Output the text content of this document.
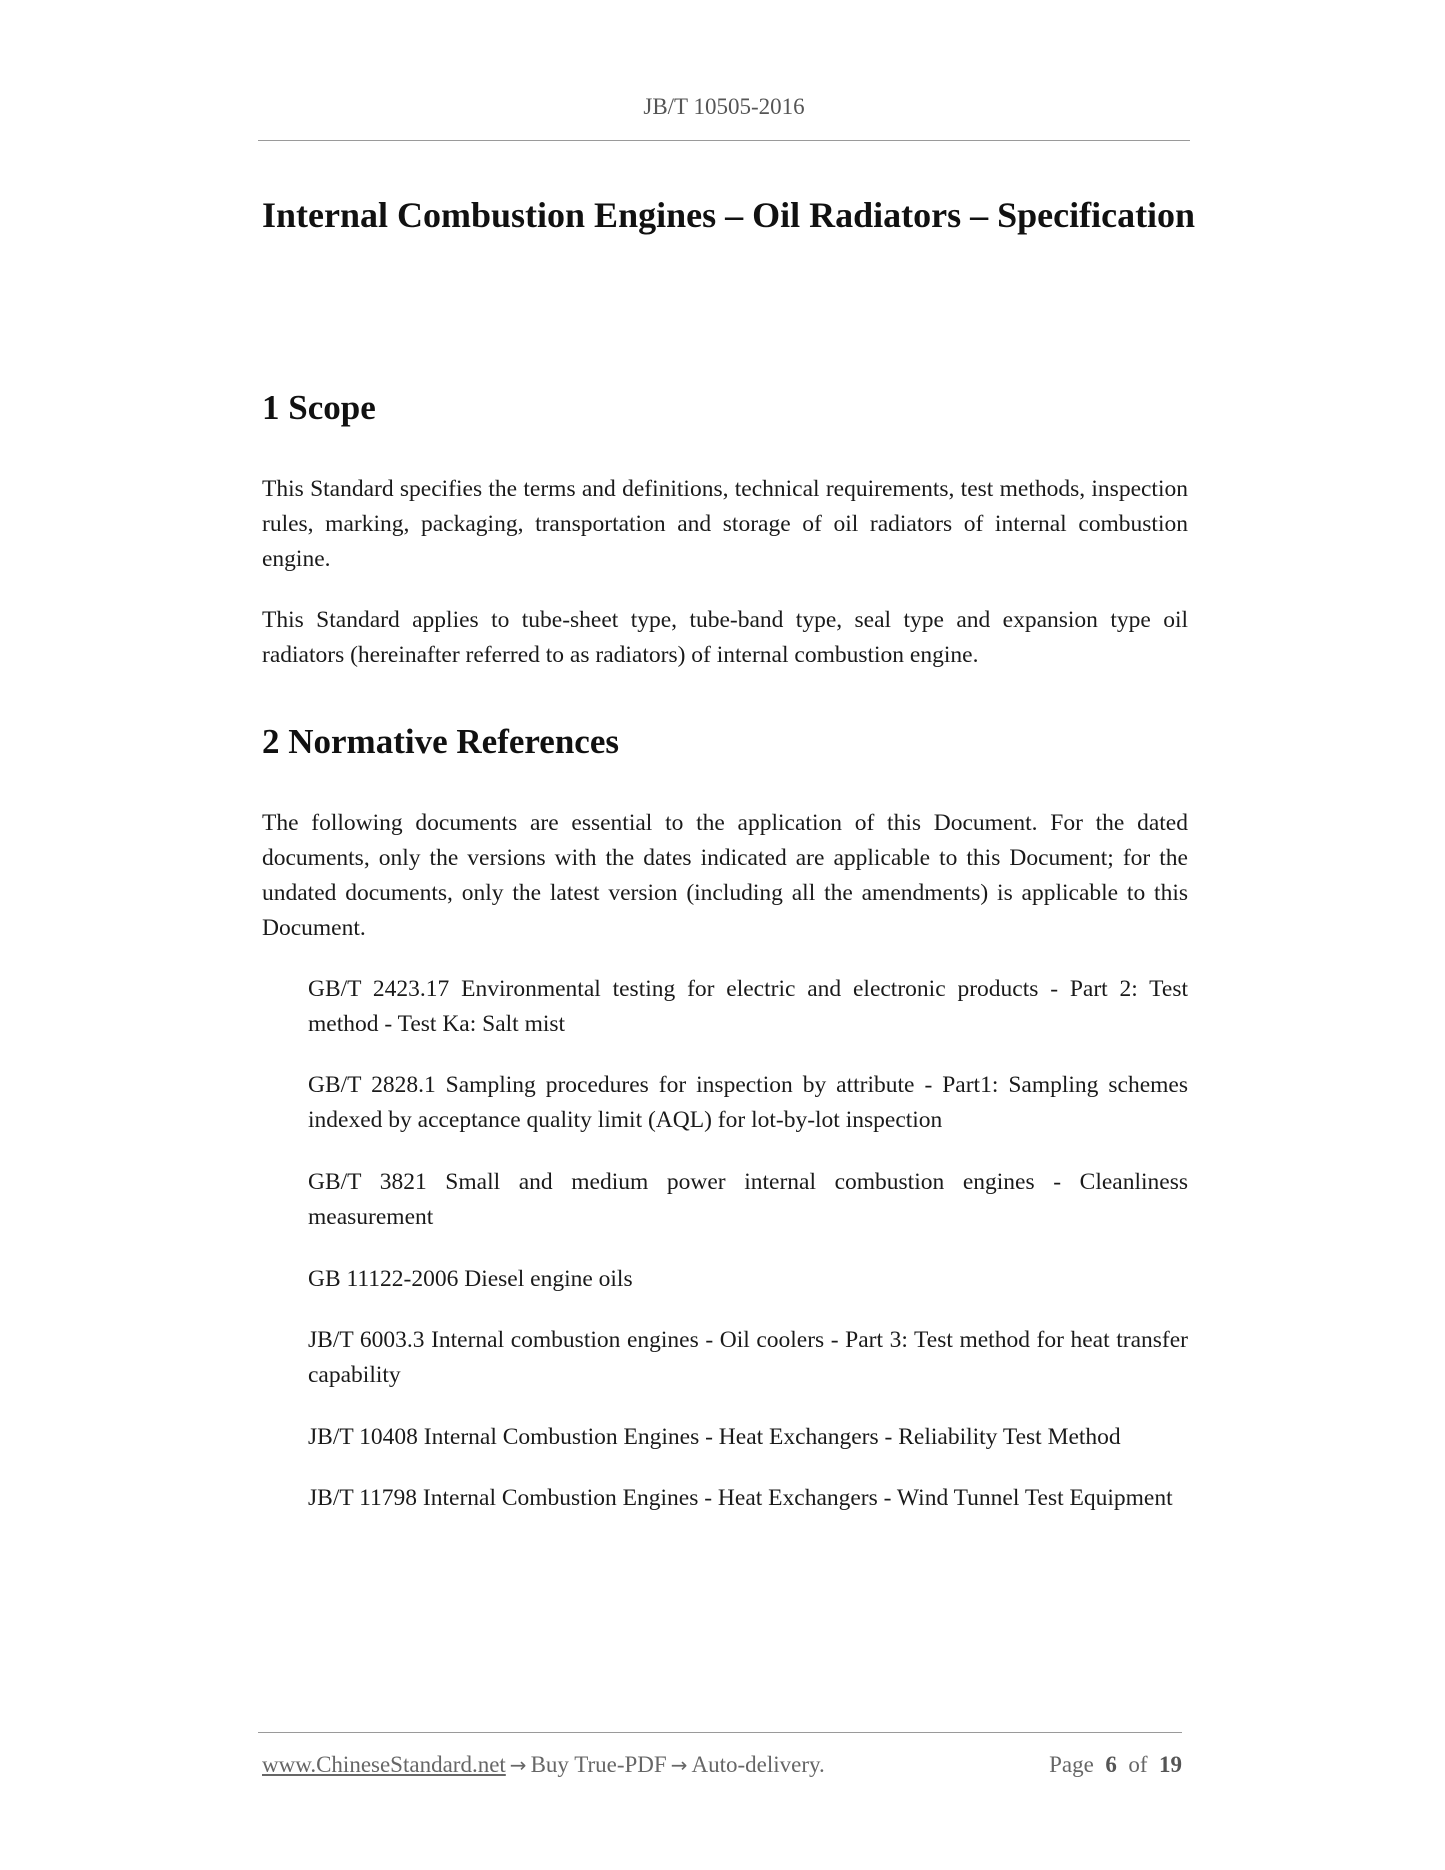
JB/T 10505-2016
Internal Combustion Engines – Oil Radiators – Specification
1 Scope

This Standard specifies the terms and definitions, technical requirements, test methods, inspection rules, marking, packaging, transportation and storage of oil radiators of internal combustion engine.

This Standard applies to tube-sheet type, tube-band type, seal type and expansion type oil radiators (hereinafter referred to as radiators) of internal combustion engine.

2 Normative References

The following documents are essential to the application of this Document. For the dated documents, only the versions with the dates indicated are applicable to this Document; for the undated documents, only the latest version (including all the amendments) is applicable to this Document.

GB/T 2423.17 Environmental testing for electric and electronic products - Part 2: Test method - Test Ka: Salt mist

GB/T 2828.1 Sampling procedures for inspection by attribute - Part1: Sampling schemes indexed by acceptance quality limit (AQL) for lot-by-lot inspection

GB/T 3821 Small and medium power internal combustion engines - Cleanliness measurement

GB 11122-2006 Diesel engine oils

JB/T 6003.3 Internal combustion engines - Oil coolers - Part 3: Test method for heat transfer capability

JB/T 10408 Internal Combustion Engines - Heat Exchangers - Reliability Test Method

JB/T 11798 Internal Combustion Engines - Heat Exchangers - Wind Tunnel Test Equipment

www.ChineseStandard.net → Buy True-PDF → Auto-delivery.	Page 6 of 19
